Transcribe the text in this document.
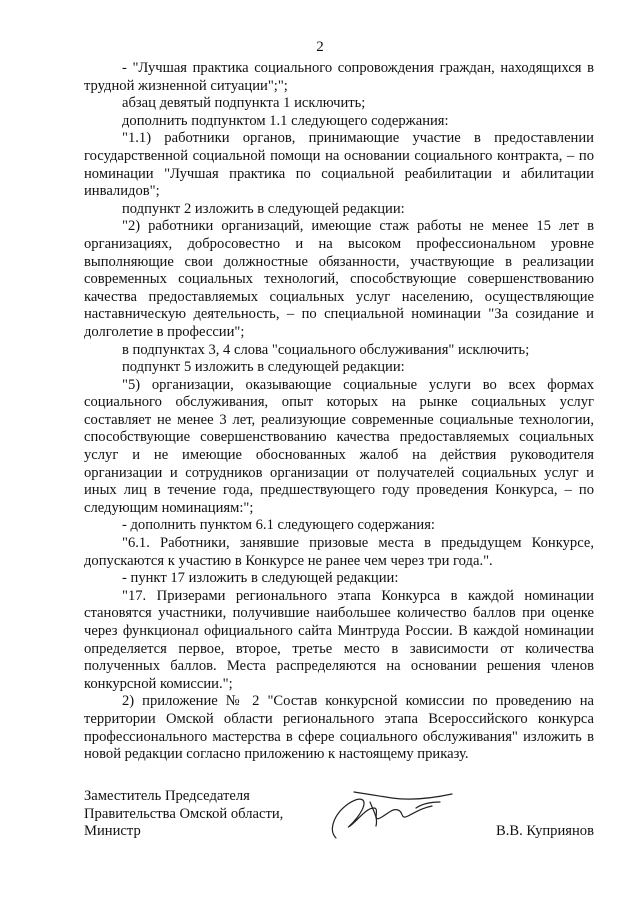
2

- "Лучшая практика социального сопровождения граждан, находящихся в трудной жизненной ситуации";";

абзац девятый подпункта 1 исключить;

дополнить подпунктом 1.1 следующего содержания:

"1.1) работники органов, принимающие участие в предоставлении государственной социальной помощи на основании социального контракта, – по номинации "Лучшая практика по социальной реабилитации и абилитации инвалидов";

подпункт 2 изложить в следующей редакции:

"2) работники организаций, имеющие стаж работы не менее 15 лет в организациях, добросовестно и на высоком профессиональном уровне выполняющие свои должностные обязанности, участвующие в реализации современных социальных технологий, способствующие совершенствованию качества предоставляемых социальных услуг населению, осуществляющие наставническую деятельность, – по специальной номинации "За созидание и долголетие в профессии";

в подпунктах 3, 4 слова "социального обслуживания" исключить;

подпункт 5 изложить в следующей редакции:

"5) организации, оказывающие социальные услуги во всех формах социального обслуживания, опыт которых на рынке социальных услуг составляет не менее 3 лет, реализующие современные социальные технологии, способствующие совершенствованию качества предоставляемых социальных услуг и не имеющие обоснованных жалоб на действия руководителя организации и сотрудников организации от получателей социальных услуг и иных лиц в течение года, предшествующего году проведения Конкурса, – по следующим номинациям:";

- дополнить пунктом 6.1 следующего содержания:

"6.1. Работники, занявшие призовые места в предыдущем Конкурсе, допускаются к участию в Конкурсе не ранее чем через три года.".

- пункт 17 изложить в следующей редакции:

"17. Призерами регионального этапа Конкурса в каждой номинации становятся участники, получившие наибольшее количество баллов при оценке через функционал официального сайта Минтруда России. В каждой номинации определяется первое, второе, третье место в зависимости от количества полученных баллов. Места распределяются на основании решения членов конкурсной комиссии.";

2) приложение № 2 "Состав конкурсной комиссии по проведению на территории Омской области регионального этапа Всероссийского конкурса профессионального мастерства в сфере социального обслуживания" изложить в новой редакции согласно приложению к настоящему приказу.

Заместитель Председателя
Правительства Омской области,
Министр	В.В. Куприянов
